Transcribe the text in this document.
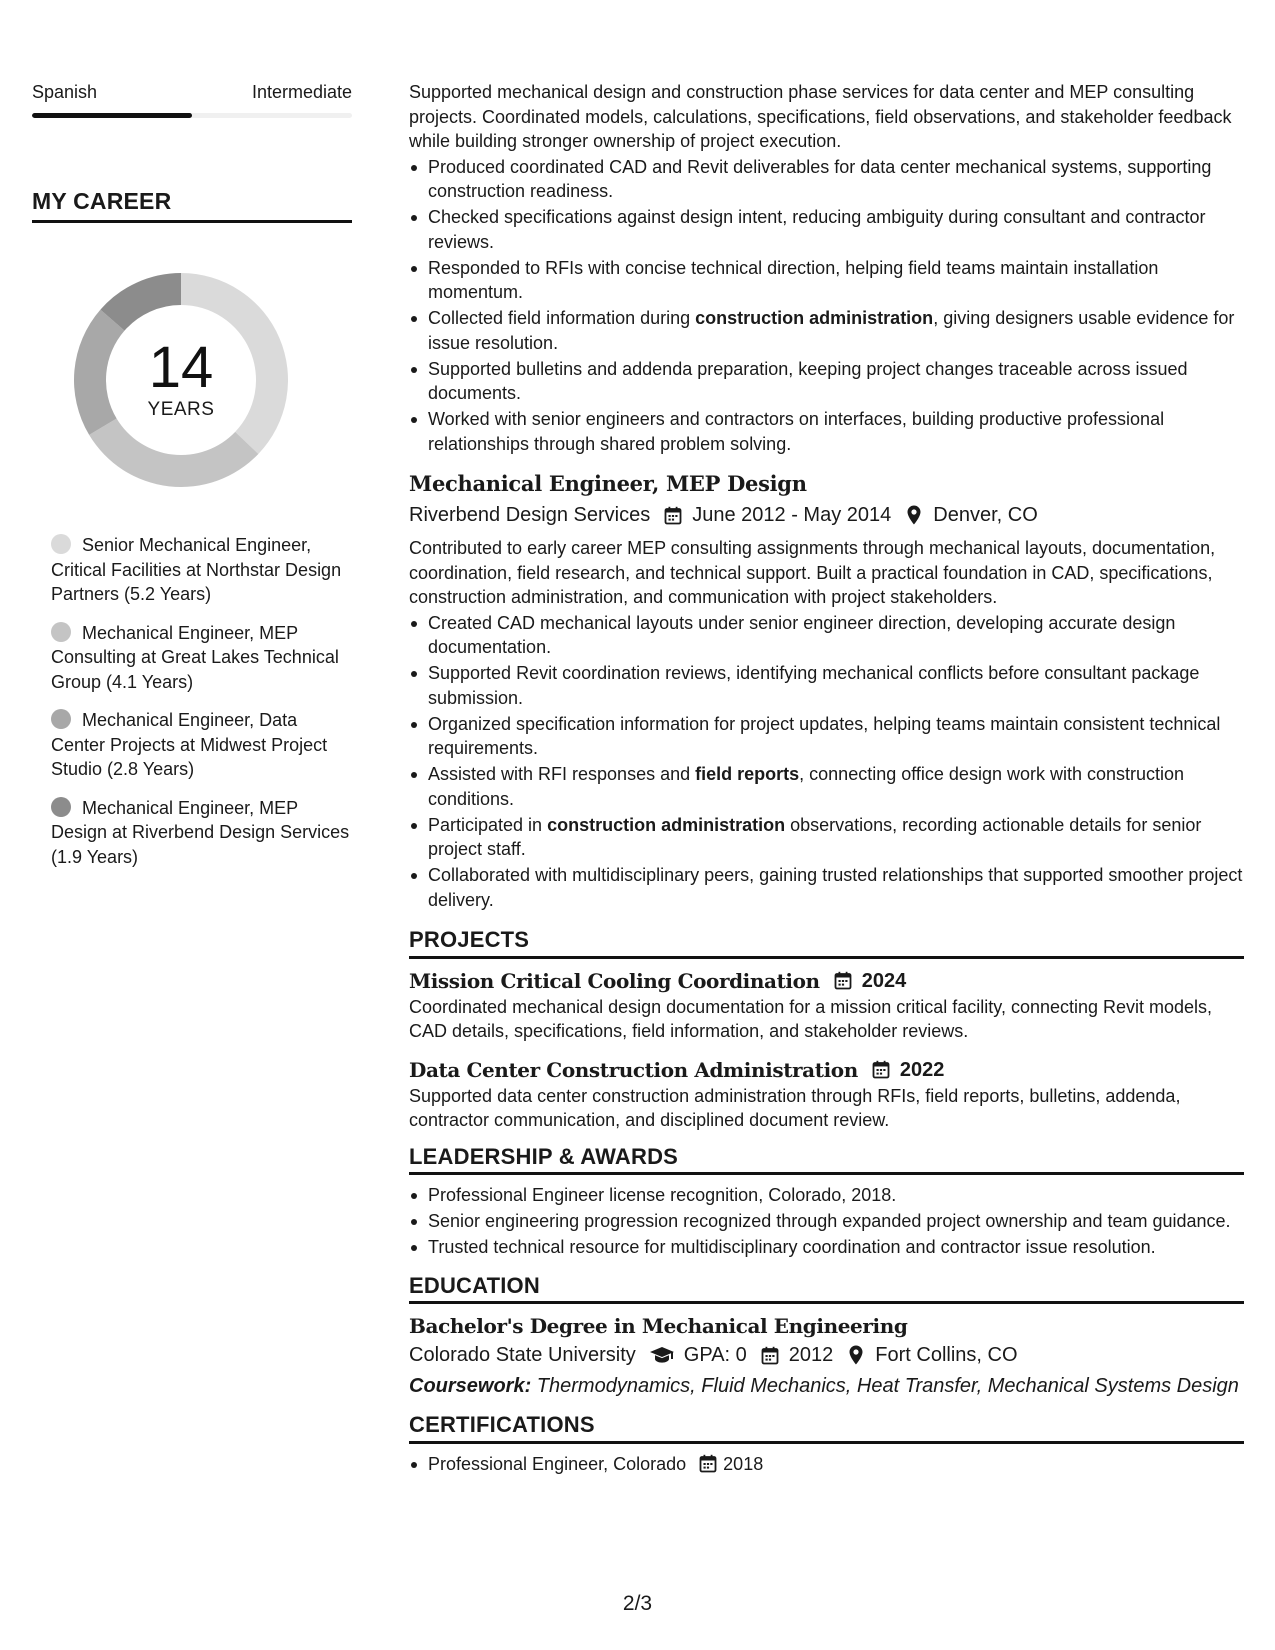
Spanish	Intermediate
MY CAREER
14
YEARS
Senior Mechanical Engineer, Critical Facilities at Northstar Design Partners (5.2 Years)
Mechanical Engineer, MEP Consulting at Great Lakes Technical Group (4.1 Years)
Mechanical Engineer, Data Center Projects at Midwest Project Studio (2.8 Years)
Mechanical Engineer, MEP Design at Riverbend Design Services (1.9 Years)

Supported mechanical design and construction phase services for data center and MEP consulting projects. Coordinated models, calculations, specifications, field observations, and stakeholder feedback while building stronger ownership of project execution.

Produced coordinated CAD and Revit deliverables for data center mechanical systems, supporting construction readiness.
Checked specifications against design intent, reducing ambiguity during consultant and contractor reviews.
Responded to RFIs with concise technical direction, helping field teams maintain installation momentum.
Collected field information during construction administration, giving designers usable evidence for issue resolution.
Supported bulletins and addenda preparation, keeping project changes traceable across issued documents.
Worked with senior engineers and contractors on interfaces, building productive professional relationships through shared problem solving.
Mechanical Engineer, MEP Design
Riverbend Design Services June 2012 - May 2014 Denver, CO

Contributed to early career MEP consulting assignments through mechanical layouts, documentation, coordination, field research, and technical support. Built a practical foundation in CAD, specifications, construction administration, and communication with project stakeholders.

Created CAD mechanical layouts under senior engineer direction, developing accurate design documentation.
Supported Revit coordination reviews, identifying mechanical conflicts before consultant package submission.
Organized specification information for project updates, helping teams maintain consistent technical requirements.
Assisted with RFI responses and field reports, connecting office design work with construction conditions.
Participated in construction administration observations, recording actionable details for senior project staff.
Collaborated with multidisciplinary peers, gaining trusted relationships that supported smoother project delivery.
PROJECTS
Mission Critical Cooling Coordination 2024
Coordinated mechanical design documentation for a mission critical facility, connecting Revit models, CAD details, specifications, field information, and stakeholder reviews.
Data Center Construction Administration 2022
Supported data center construction administration through RFIs, field reports, bulletins, addenda, contractor communication, and disciplined document review.
LEADERSHIP & AWARDS
Professional Engineer license recognition, Colorado, 2018.
Senior engineering progression recognized through expanded project ownership and team guidance.
Trusted technical resource for multidisciplinary coordination and contractor issue resolution.
EDUCATION
Bachelor's Degree in Mechanical Engineering
Colorado State University GPA: 0 2012 Fort Collins, CO
Coursework: Thermodynamics, Fluid Mechanics, Heat Transfer, Mechanical Systems Design
CERTIFICATIONS
Professional Engineer, Colorado 2018
2/3
